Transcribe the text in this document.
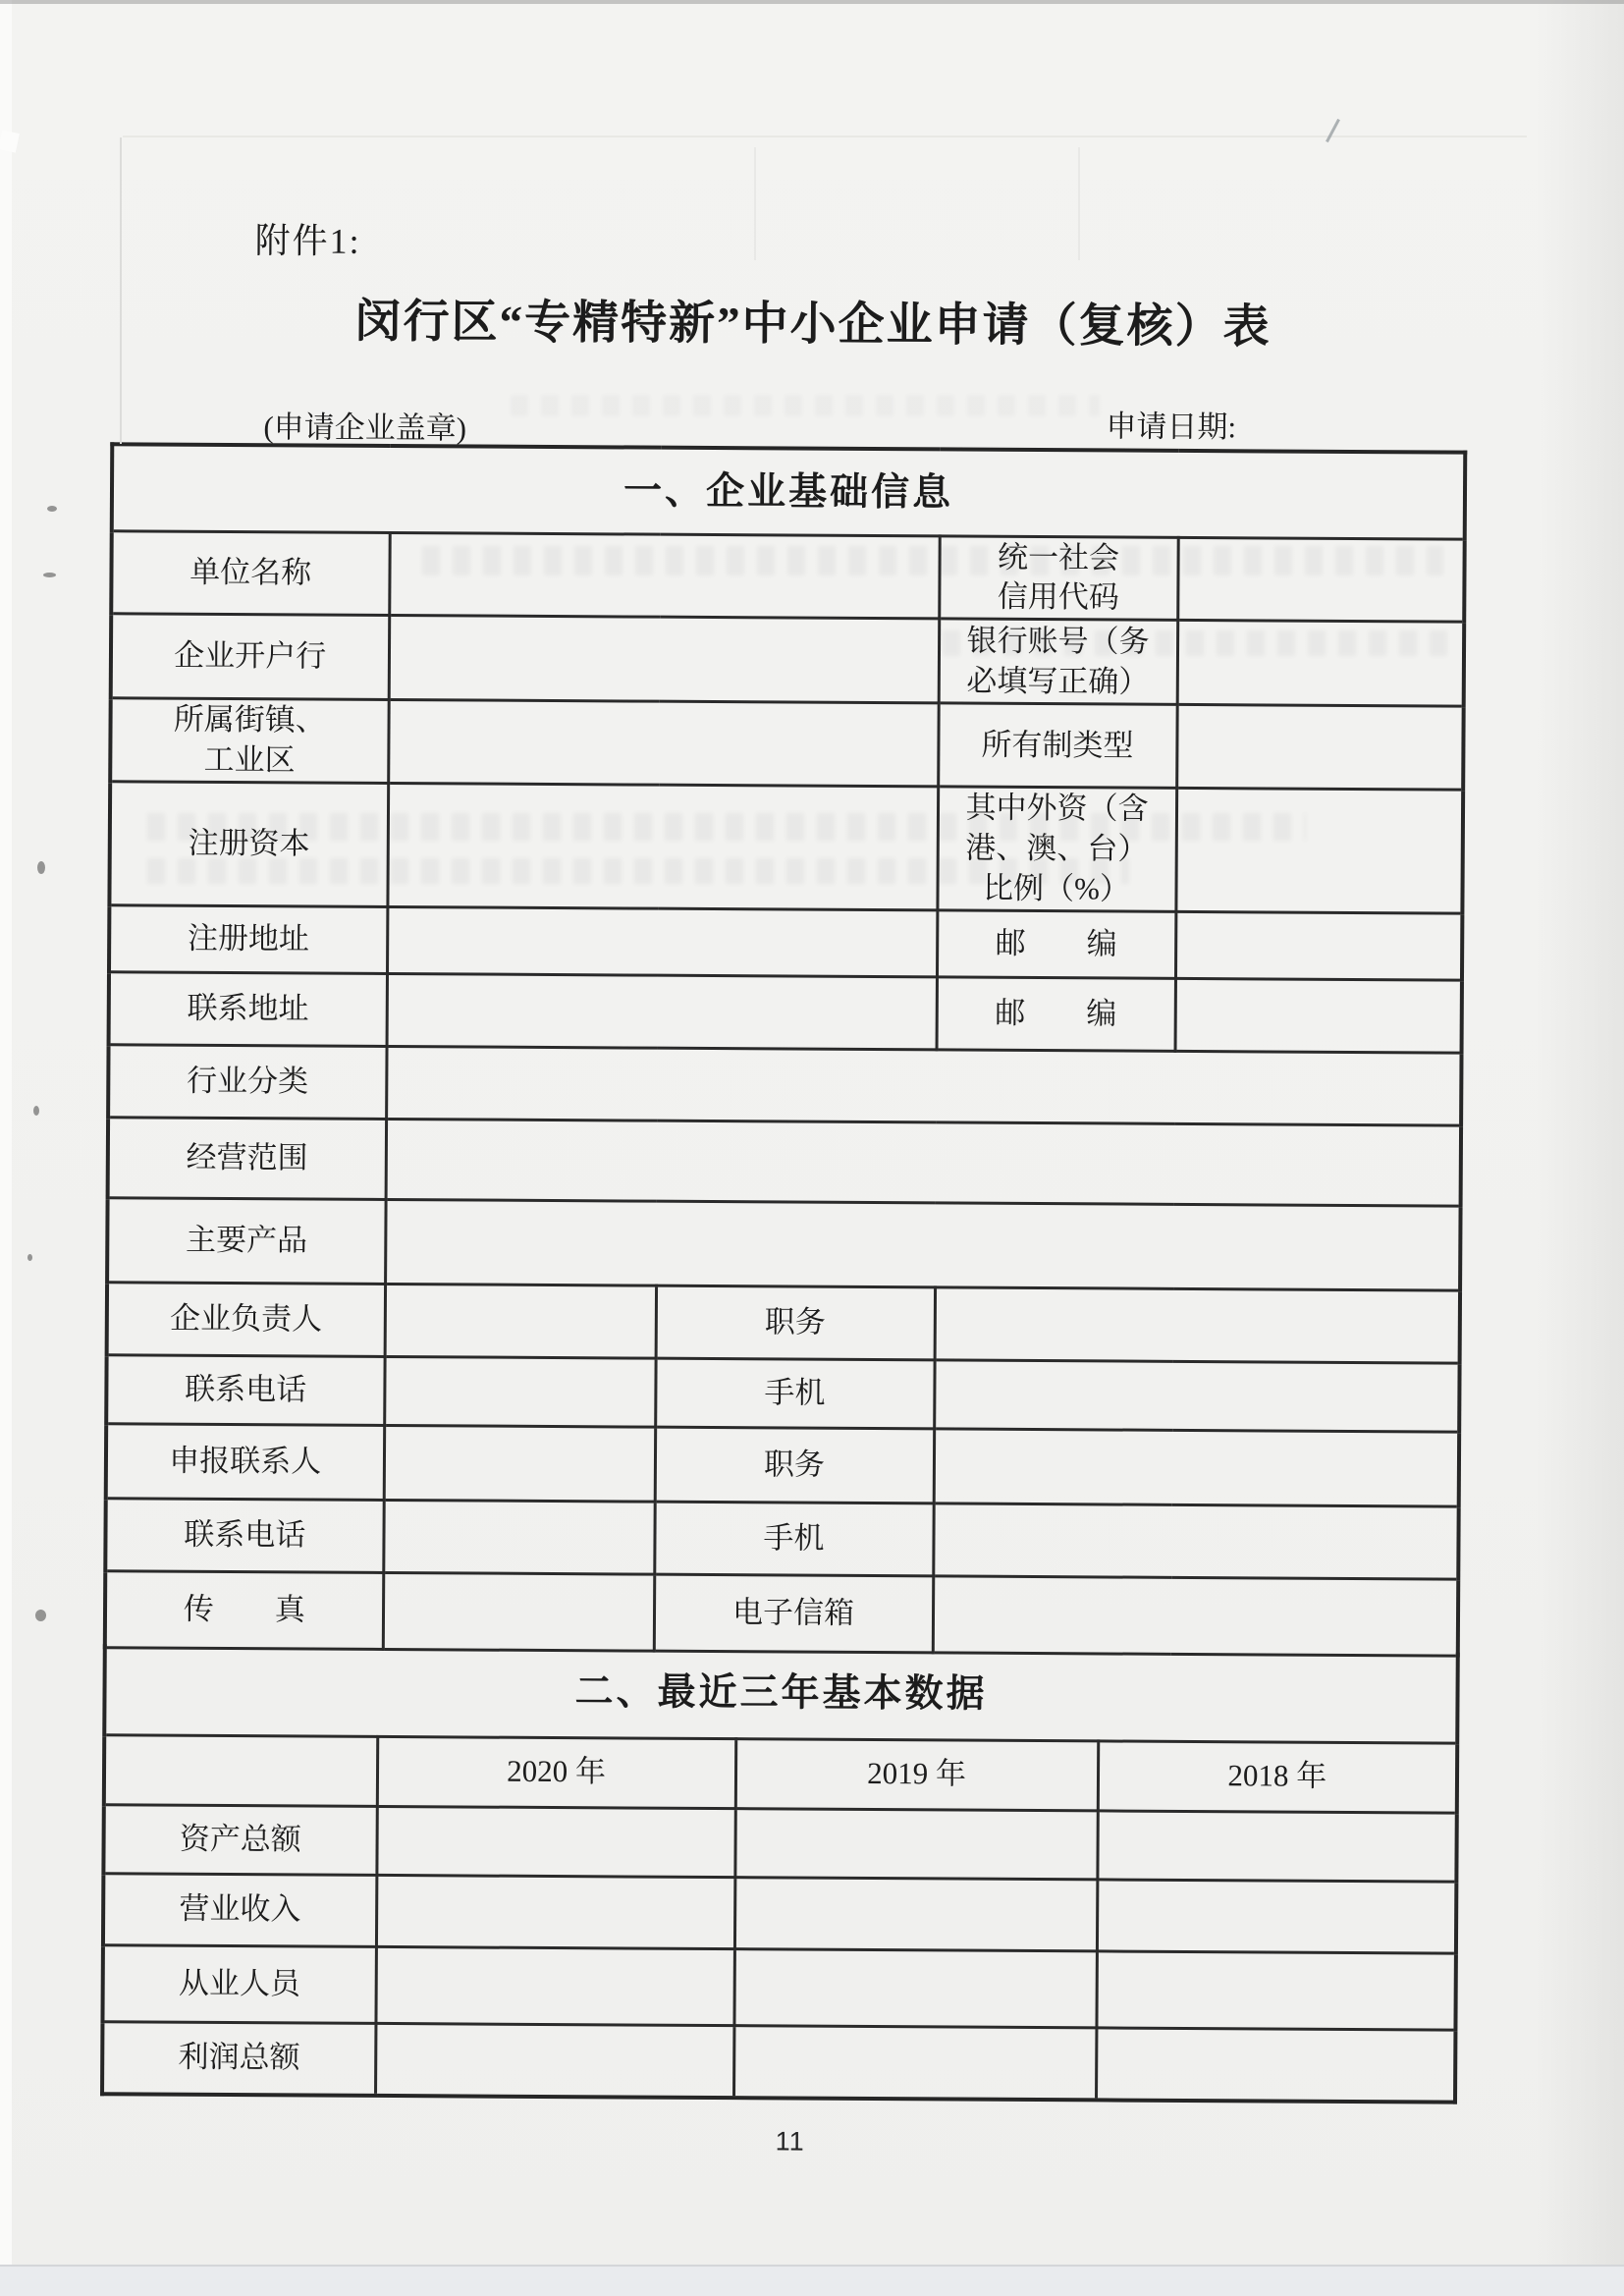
附件1:
闵行区“专精特新”中小企业申请（复核）表
(申请企业盖章)	申请日期:
一、企业基础信息				
单位名称			统一社会
信用代码	
企业开户行			银行账号（务
必填写正确）	
所属街镇、
工业区			所有制类型	
注册资本			其中外资（含
港、澳、台）
比例（%）	
注册地址			邮　　编	
联系地址			邮　　编	
行业分类				
经营范围				
主要产品				
企业负责人		职务		
联系电话		手机		
申报联系人		职务		
联系电话		手机		
传　　真		电子信箱		
二、最近三年基本数据			
	2020 年	2019 年	2018 年
资产总额			
营业收入			
从业人员			
利润总额			
11
